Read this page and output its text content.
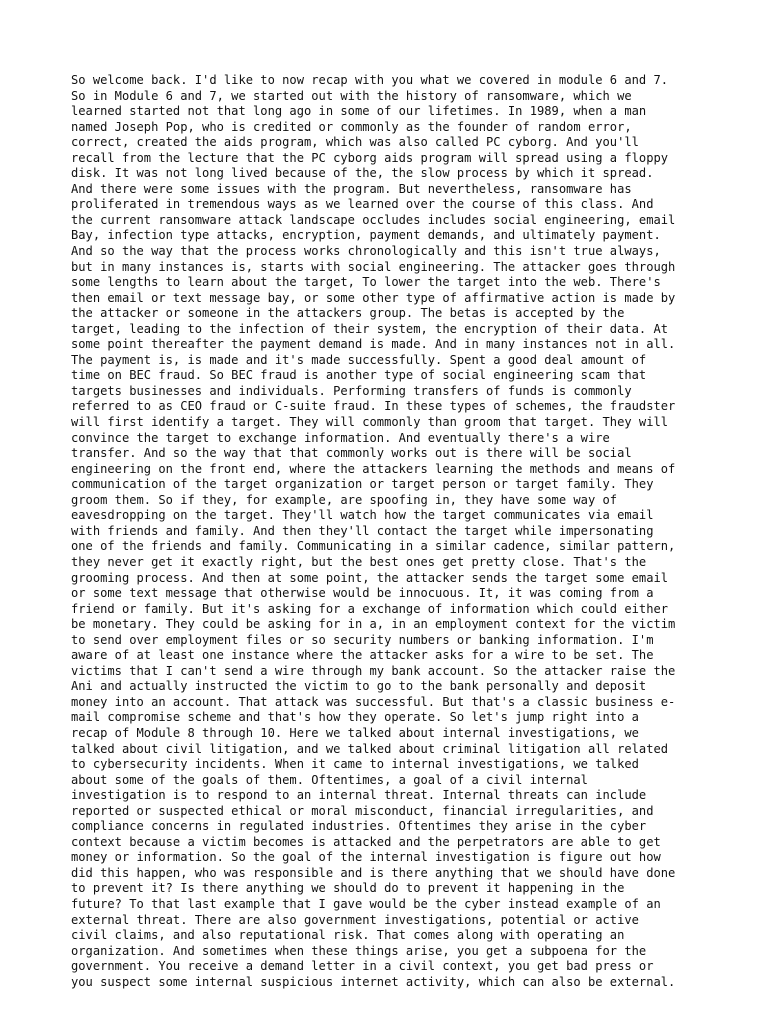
So welcome back. I'd like to now recap with you what we covered in module 6 and 7.
So in Module 6 and 7, we started out with the history of ransomware, which we
learned started not that long ago in some of our lifetimes. In 1989, when a man
named Joseph Pop, who is credited or commonly as the founder of random error,
correct, created the aids program, which was also called PC cyborg. And you'll
recall from the lecture that the PC cyborg aids program will spread using a floppy
disk. It was not long lived because of the, the slow process by which it spread.
And there were some issues with the program. But nevertheless, ransomware has
proliferated in tremendous ways as we learned over the course of this class. And
the current ransomware attack landscape occludes includes social engineering, email
Bay, infection type attacks, encryption, payment demands, and ultimately payment.
And so the way that the process works chronologically and this isn't true always,
but in many instances is, starts with social engineering. The attacker goes through
some lengths to learn about the target, To lower the target into the web. There's
then email or text message bay, or some other type of affirmative action is made by
the attacker or someone in the attackers group. The betas is accepted by the
target, leading to the infection of their system, the encryption of their data. At
some point thereafter the payment demand is made. And in many instances not in all.
The payment is, is made and it's made successfully. Spent a good deal amount of
time on BEC fraud. So BEC fraud is another type of social engineering scam that
targets businesses and individuals. Performing transfers of funds is commonly
referred to as CEO fraud or C-suite fraud. In these types of schemes, the fraudster
will first identify a target. They will commonly than groom that target. They will
convince the target to exchange information. And eventually there's a wire
transfer. And so the way that that commonly works out is there will be social
engineering on the front end, where the attackers learning the methods and means of
communication of the target organization or target person or target family. They
groom them. So if they, for example, are spoofing in, they have some way of
eavesdropping on the target. They'll watch how the target communicates via email
with friends and family. And then they'll contact the target while impersonating
one of the friends and family. Communicating in a similar cadence, similar pattern,
they never get it exactly right, but the best ones get pretty close. That's the
grooming process. And then at some point, the attacker sends the target some email
or some text message that otherwise would be innocuous. It, it was coming from a
friend or family. But it's asking for a exchange of information which could either
be monetary. They could be asking for in a, in an employment context for the victim
to send over employment files or so security numbers or banking information. I'm
aware of at least one instance where the attacker asks for a wire to be set. The
victims that I can't send a wire through my bank account. So the attacker raise the
Ani and actually instructed the victim to go to the bank personally and deposit
money into an account. That attack was successful. But that's a classic business e-
mail compromise scheme and that's how they operate. So let's jump right into a
recap of Module 8 through 10. Here we talked about internal investigations, we
talked about civil litigation, and we talked about criminal litigation all related
to cybersecurity incidents. When it came to internal investigations, we talked
about some of the goals of them. Oftentimes, a goal of a civil internal
investigation is to respond to an internal threat. Internal threats can include
reported or suspected ethical or moral misconduct, financial irregularities, and
compliance concerns in regulated industries. Oftentimes they arise in the cyber
context because a victim becomes is attacked and the perpetrators are able to get
money or information. So the goal of the internal investigation is figure out how
did this happen, who was responsible and is there anything that we should have done
to prevent it? Is there anything we should do to prevent it happening in the
future? To that last example that I gave would be the cyber instead example of an
external threat. There are also government investigations, potential or active
civil claims, and also reputational risk. That comes along with operating an
organization. And sometimes when these things arise, you get a subpoena for the
government. You receive a demand letter in a civil context, you get bad press or
you suspect some internal suspicious internet activity, which can also be external.
